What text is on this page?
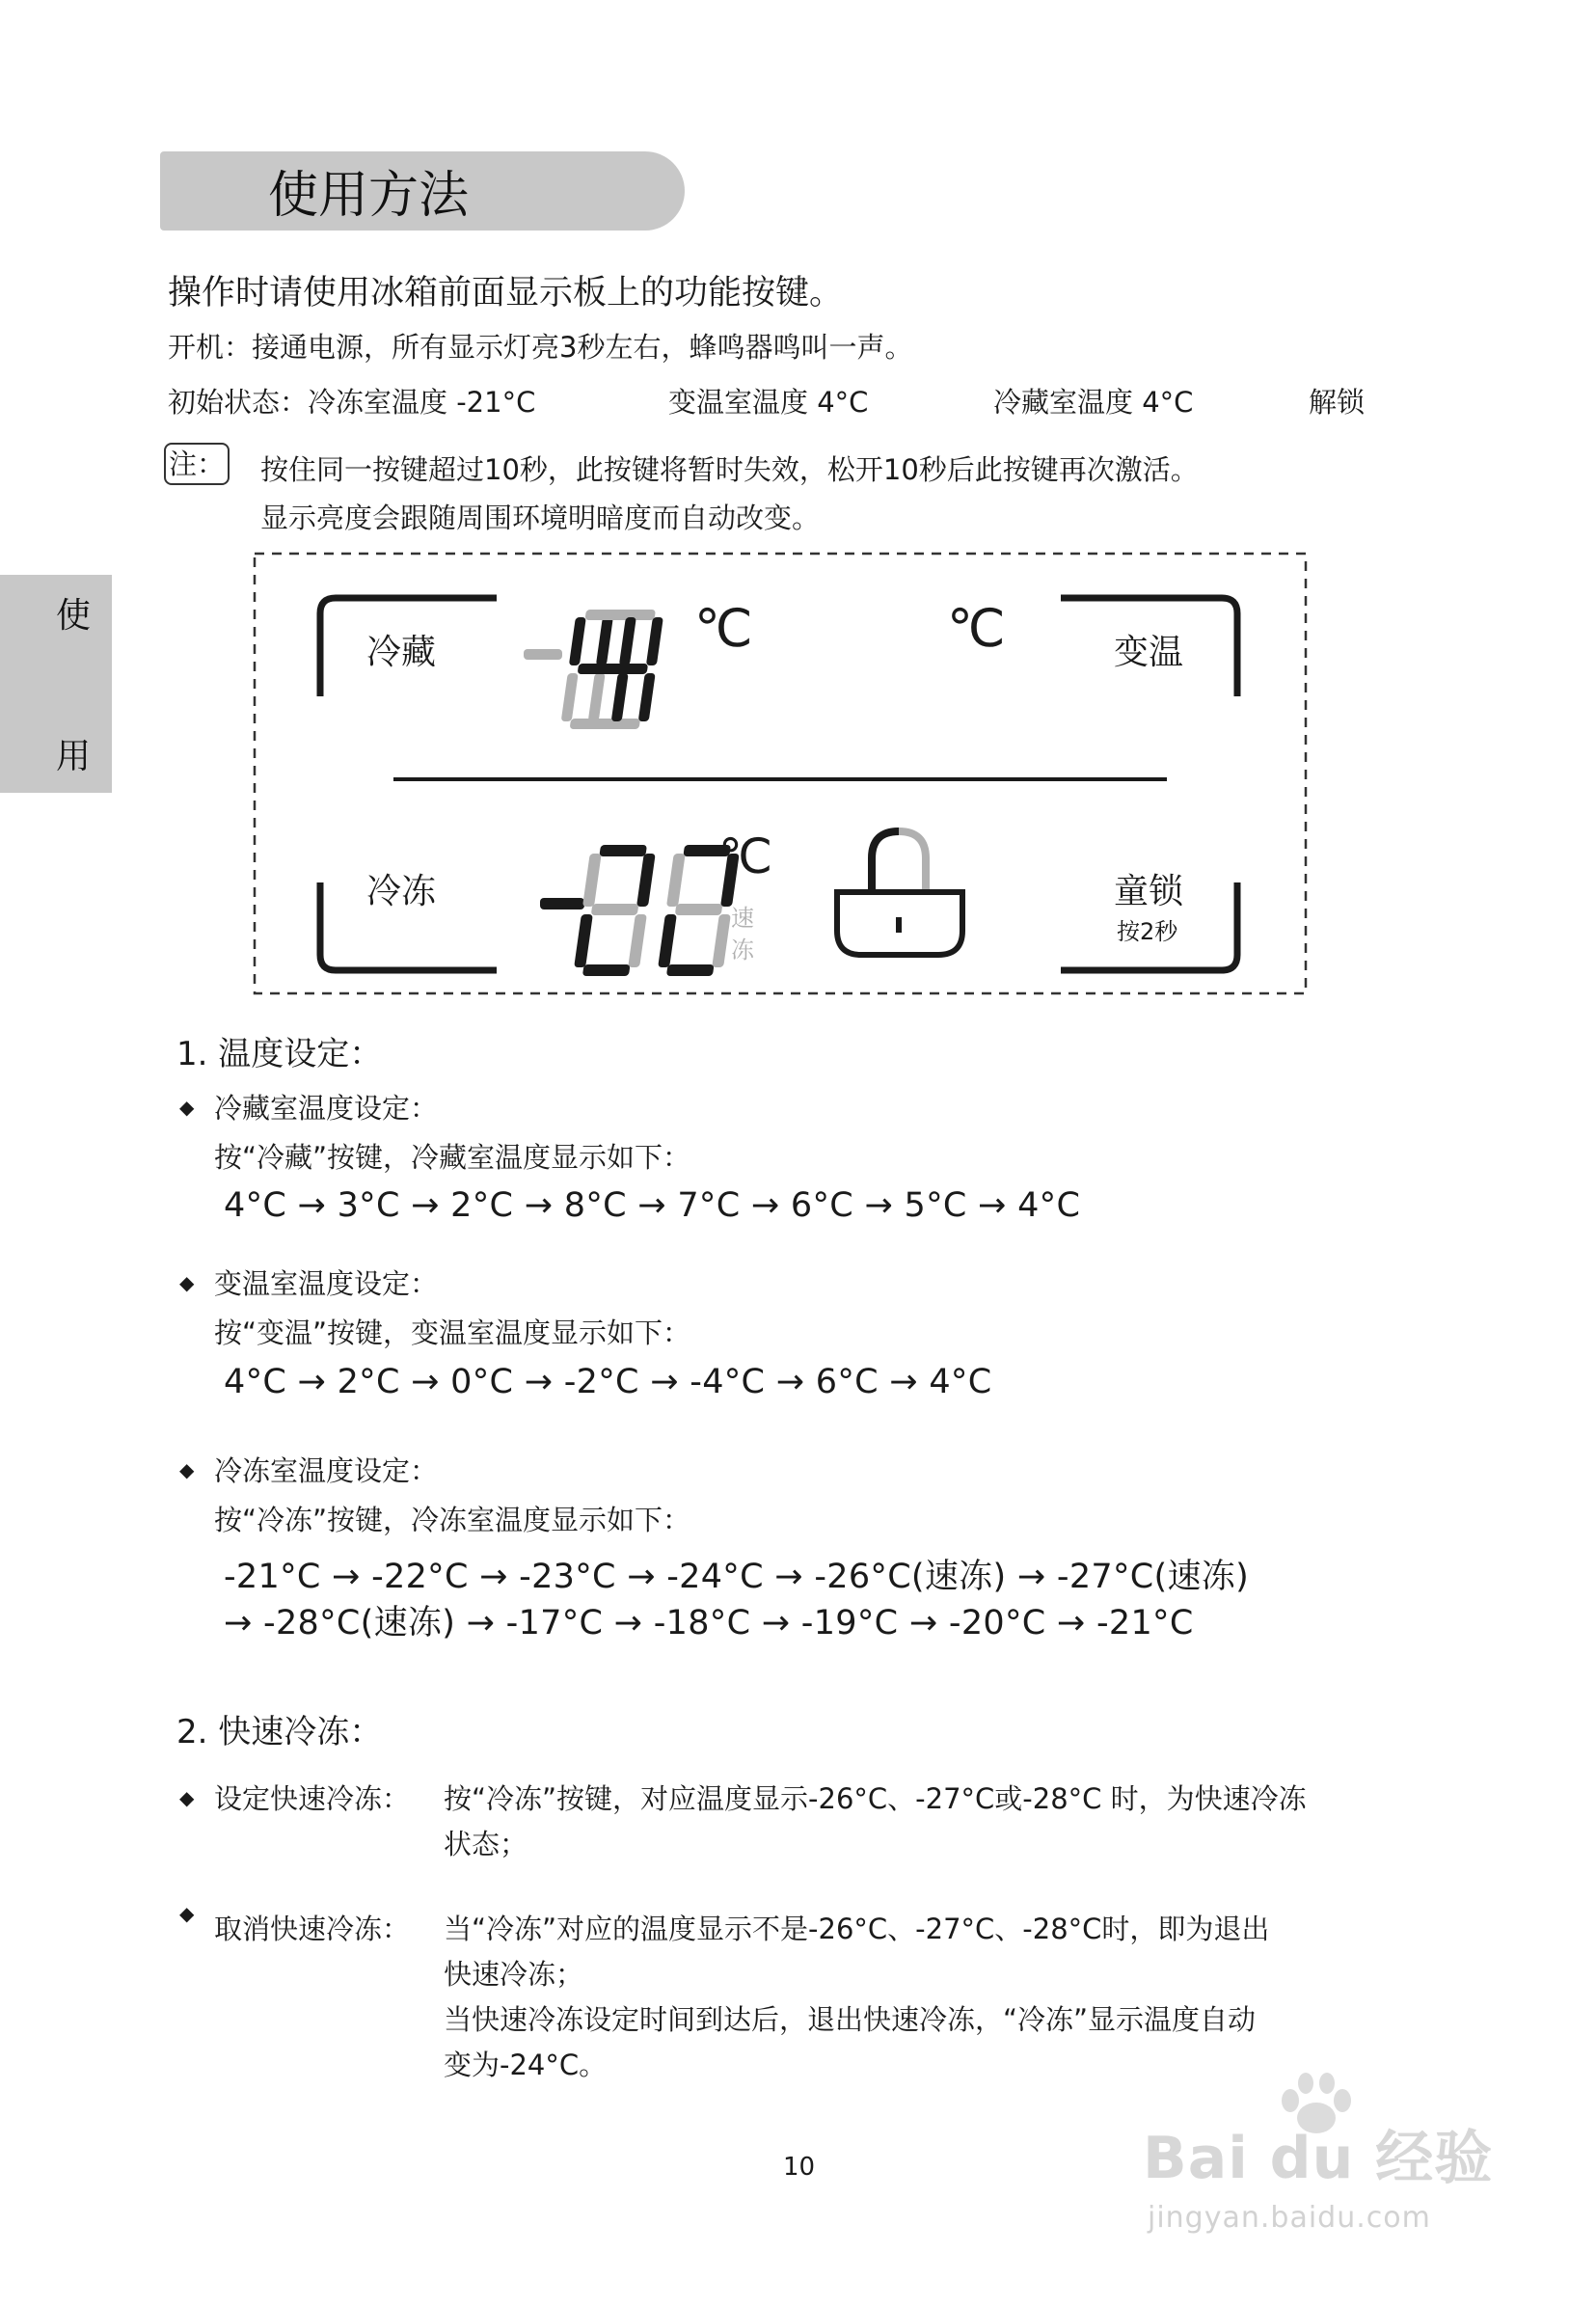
使用方法
使
用
操作时请使用冰箱前面显示板上的功能按键。
开机：接通电源，所有显示灯亮3秒左右，蜂鸣器鸣叫一声。
初始状态：冷冻室温度 -21°C	变温室温度 4°C	冷藏室温度 4°C	解锁
注： 按住同一按键超过10秒，此按键将暂时失效，松开10秒后此按键再次激活。
显示亮度会跟随周围环境明暗度而自动改变。
冷藏	变温
冷冻	童锁
按2秒
℃	℃
℃
速
冻
1. 温度设定：
◆ 冷藏室温度设定：
按“冷藏”按键，冷藏室温度显示如下：
4°C → 3°C → 2°C → 8°C → 7°C → 6°C → 5°C → 4°C
◆ 变温室温度设定：
按“变温”按键，变温室温度显示如下：
4°C → 2°C → 0°C → -2°C → -4°C → 6°C → 4°C
◆ 冷冻室温度设定：
按“冷冻”按键，冷冻室温度显示如下：
-21°C → -22°C → -23°C → -24°C → -26°C(速冻) → -27°C(速冻)
→ -28°C(速冻) → -17°C → -18°C → -19°C → -20°C → -21°C
2. 快速冷冻：
◆ 设定快速冷冻： 按“冷冻”按键，对应温度显示-26°C、-27°C或-28°C 时，为快速冷冻
状态；
◆ 取消快速冷冻： 当“冷冻”对应的温度显示不是-26°C、-27°C、-28°C时，即为退出
快速冷冻；
当快速冷冻设定时间到达后，退出快速冷冻，“冷冻”显示温度自动
变为-24°C。
10	Bai du 经验
jingyan.baidu.com
